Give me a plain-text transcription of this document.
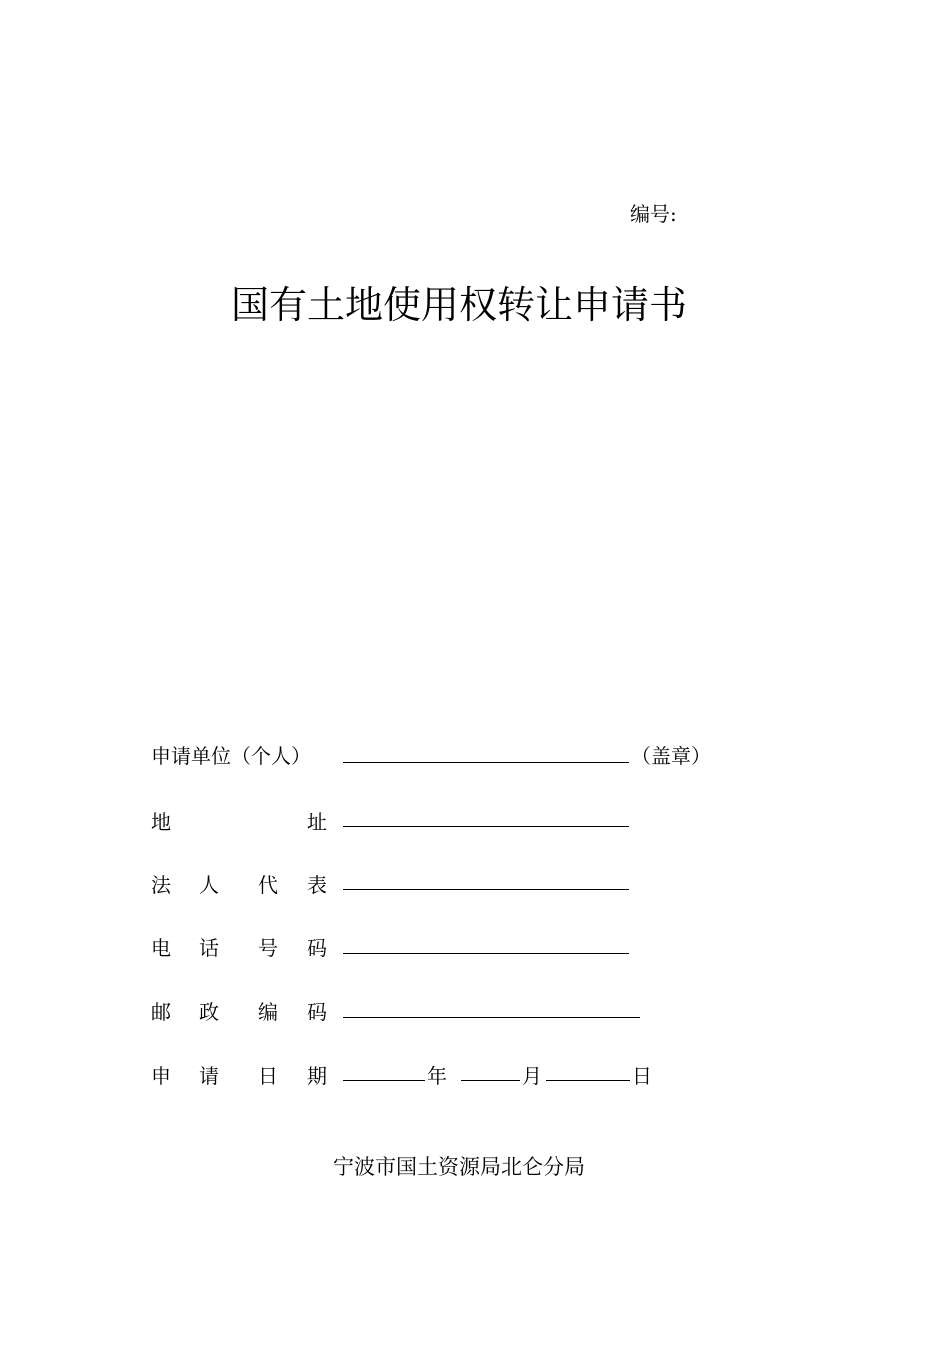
编号:
国有土地使用权转让申请书
申请单位（个人）	（盖章）
地	址
法 人 代 表
电 话 号 码
邮 政 编 码
申 请 日 期	年	月	日
宁波市国土资源局北仑分局
